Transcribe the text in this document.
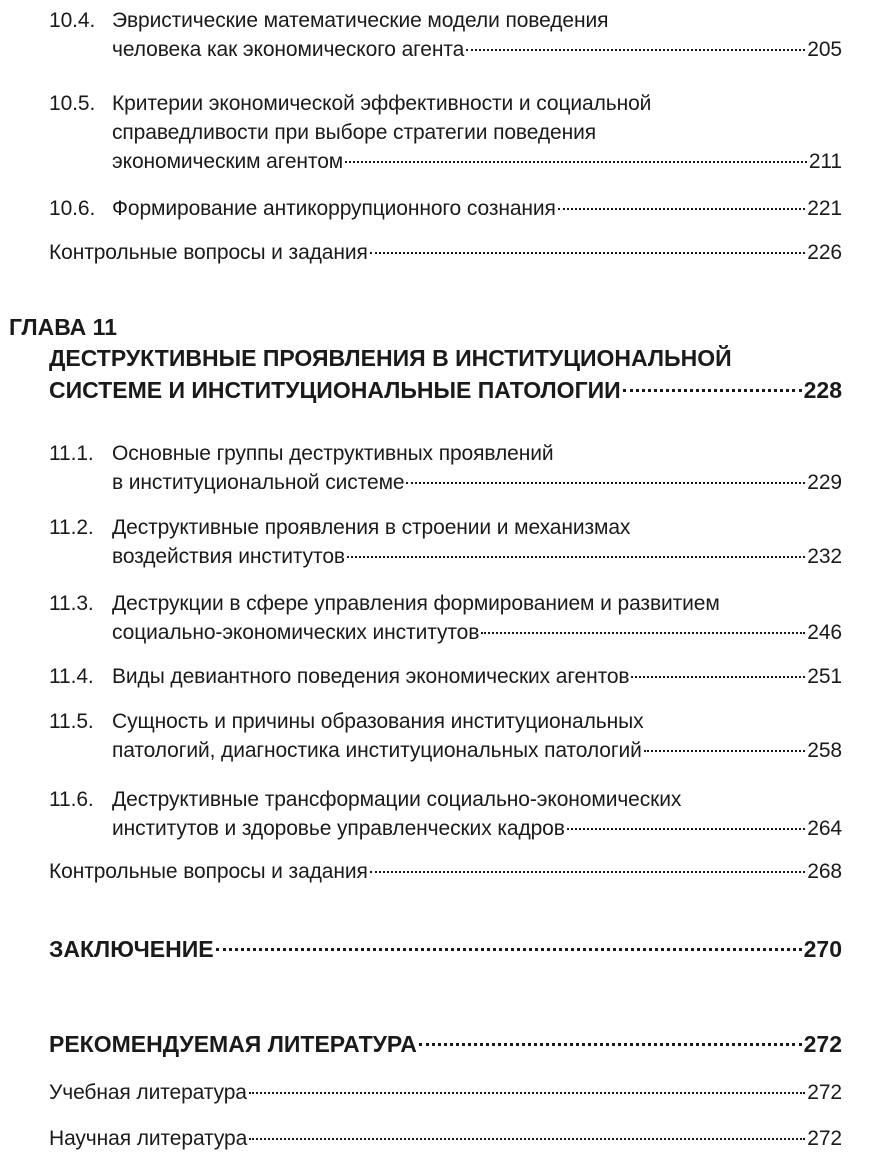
10.4. Эвристические математические модели поведения
человека как экономического агента	205
10.5. Критерии экономической эффективности и социальной
справедливости при выборе стратегии поведения
экономическим агентом	211
10.6. Формирование антикоррупционного сознания	221
Контрольные вопросы и задания	226
ГЛАВА 11
ДЕСТРУКТИВНЫЕ ПРОЯВЛЕНИЯ В ИНСТИТУЦИОНАЛЬНОЙ
СИСТЕМЕ И ИНСТИТУЦИОНАЛЬНЫЕ ПАТОЛОГИИ	228
11.1. Основные группы деструктивных проявлений
в институциональной системе	229
11.2. Деструктивные проявления в строении и механизмах
воздействия институтов	232
11.3. Деструкции в сфере управления формированием и развитием
социально-экономических институтов	246
11.4. Виды девиантного поведения экономических агентов	251
11.5. Сущность и причины образования институциональных
патологий, диагностика институциональных патологий	258
11.6. Деструктивные трансформации социально-экономических
институтов и здоровье управленческих кадров	264
Контрольные вопросы и задания	268
ЗАКЛЮЧЕНИЕ	270
РЕКОМЕНДУЕМАЯ ЛИТЕРАТУРА	272
Учебная литература	272
Научная литература	272
